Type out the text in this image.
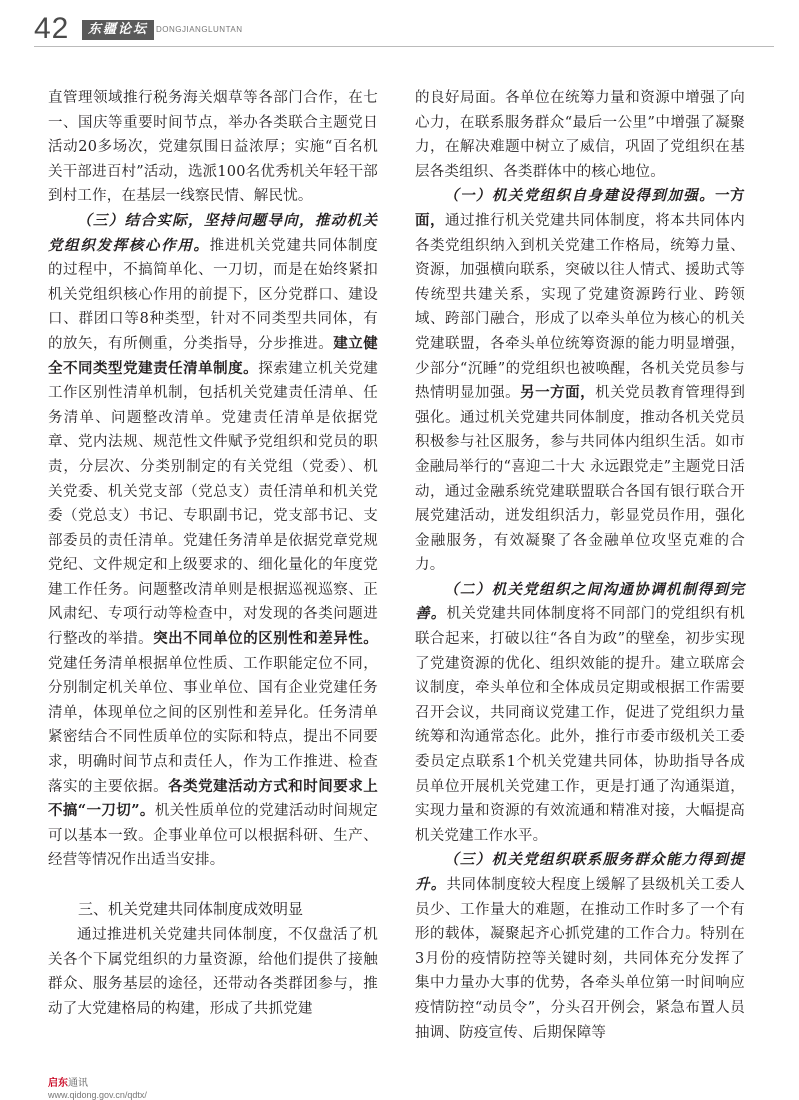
42	东疆论坛 DONGJIANGLUNTAN

直管理领域推行税务海关烟草等各部门合作，在七一、国庆等重要时间节点，举办各类联合主题党日活动20多场次，党建氛围日益浓厚；实施“百名机关干部进百村”活动，选派100名优秀机关年轻干部到村工作，在基层一线察民情、解民忧。

（三）结合实际，坚持问题导向，推动机关党组织发挥核心作用。推进机关党建共同体制度的过程中，不搞简单化、一刀切，而是在始终紧扣机关党组织核心作用的前提下，区分党群口、建设口、群团口等8种类型，针对不同类型共同体，有的放矢，有所侧重，分类指导，分步推进。建立健全不同类型党建责任清单制度。探索建立机关党建工作区别性清单机制，包括机关党建责任清单、任务清单、问题整改清单。党建责任清单是依据党章、党内法规、规范性文件赋予党组织和党员的职责，分层次、分类别制定的有关党组（党委）、机关党委、机关党支部（党总支）责任清单和机关党委（党总支）书记、专职副书记，党支部书记、支部委员的责任清单。党建任务清单是依据党章党规党纪、文件规定和上级要求的、细化量化的年度党建工作任务。问题整改清单则是根据巡视巡察、正风肃纪、专项行动等检查中，对发现的各类问题进行整改的举措。突出不同单位的区别性和差异性。党建任务清单根据单位性质、工作职能定位不同，分别制定机关单位、事业单位、国有企业党建任务清单，体现单位之间的区别性和差异化。任务清单紧密结合不同性质单位的实际和特点，提出不同要求，明确时间节点和责任人，作为工作推进、检查落实的主要依据。各类党建活动方式和时间要求上不搞“一刀切”。机关性质单位的党建活动时间规定可以基本一致。企事业单位可以根据科研、生产、经营等情况作出适当安排。

三、机关党建共同体制度成效明显

通过推进机关党建共同体制度，不仅盘活了机关各个下属党组织的力量资源，给他们提供了接触群众、服务基层的途径，还带动各类群团参与，推动了大党建格局的构建，形成了共抓党建

的良好局面。各单位在统筹力量和资源中增强了向心力，在联系服务群众“最后一公里”中增强了凝聚力，在解决难题中树立了威信，巩固了党组织在基层各类组织、各类群体中的核心地位。

（一）机关党组织自身建设得到加强。一方面，通过推行机关党建共同体制度，将本共同体内各类党组织纳入到机关党建工作格局，统筹力量、资源，加强横向联系，突破以往人情式、援助式等传统型共建关系，实现了党建资源跨行业、跨领域、跨部门融合，形成了以牵头单位为核心的机关党建联盟，各牵头单位统筹资源的能力明显增强，少部分“沉睡”的党组织也被唤醒，各机关党员参与热情明显加强。另一方面，机关党员教育管理得到强化。通过机关党建共同体制度，推动各机关党员积极参与社区服务，参与共同体内组织生活。如市金融局举行的“喜迎二十大 永远跟党走”主题党日活动，通过金融系统党建联盟联合各国有银行联合开展党建活动，迸发组织活力，彰显党员作用，强化金融服务，有效凝聚了各金融单位攻坚克难的合力。

（二）机关党组织之间沟通协调机制得到完善。机关党建共同体制度将不同部门的党组织有机联合起来，打破以往“各自为政”的壁垒，初步实现了党建资源的优化、组织效能的提升。建立联席会议制度，牵头单位和全体成员定期或根据工作需要召开会议，共同商议党建工作，促进了党组织力量统筹和沟通常态化。此外，推行市委市级机关工委委员定点联系1个机关党建共同体，协助指导各成员单位开展机关党建工作，更是打通了沟通渠道，实现力量和资源的有效流通和精准对接，大幅提高机关党建工作水平。

（三）机关党组织联系服务群众能力得到提升。共同体制度较大程度上缓解了县级机关工委人员少、工作量大的难题，在推动工作时多了一个有形的载体，凝聚起齐心抓党建的工作合力。特别在3月份的疫情防控等关键时刻，共同体充分发挥了集中力量办大事的优势，各牵头单位第一时间响应疫情防控“动员令”，分头召开例会，紧急布置人员抽调、防疫宣传、后期保障等

启东通讯
www.qidong.gov.cn/qdtx/
